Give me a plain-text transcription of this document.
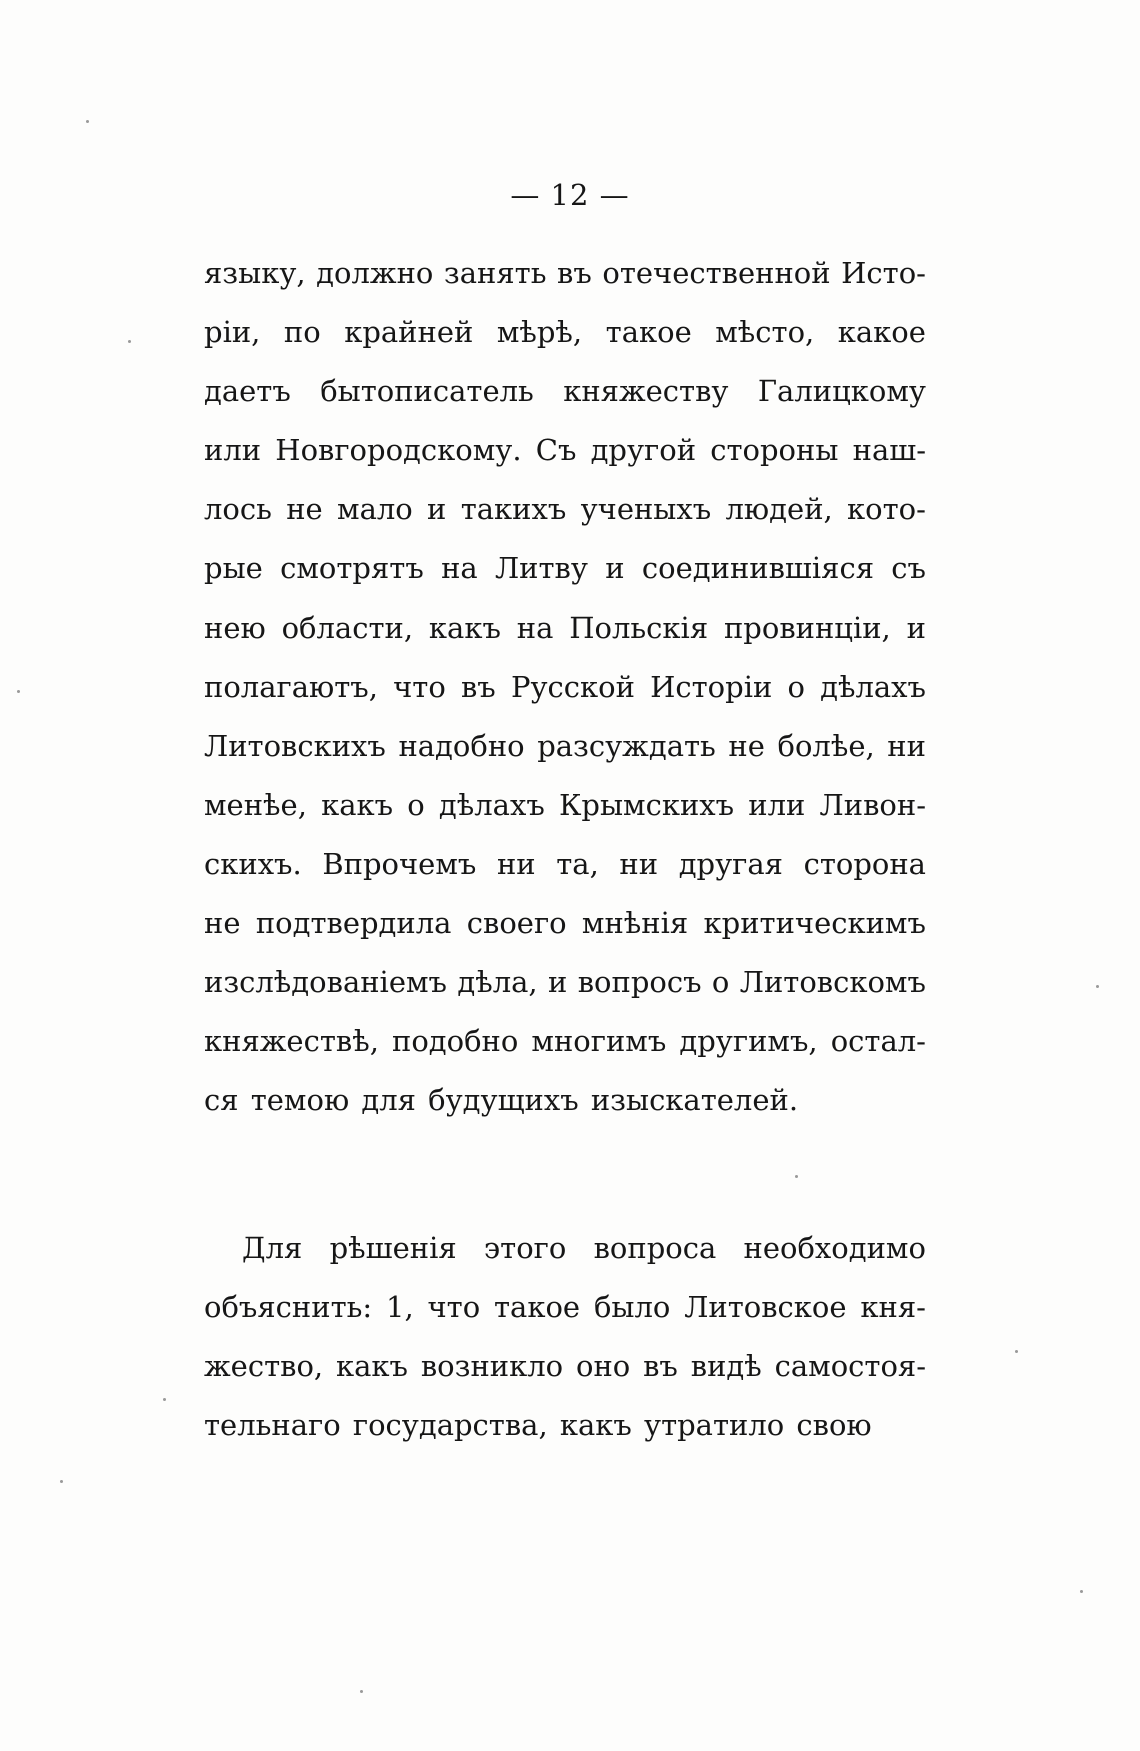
— 12 —
языку, должно занять въ отечественной Исто-
рiи, по крайней мѣрѣ, такое мѣсто, какое
даетъ бытописатель княжеству Галицкому
или Новгородскому. Съ другой стороны наш-
лось не мало и такихъ ученыхъ людей, кото-
рые смотрятъ на Литву и соединившiяся съ
нею области, какъ на Польскiя провинцiи, и
полагаютъ, что въ Русской Исторiи о дѣлахъ
Литовскихъ надобно разсуждать не болѣе, ни
менѣе, какъ о дѣлахъ Крымскихъ или Ливон-
скихъ. Впрочемъ ни та, ни другая сторона
не подтвердила своего мнѣнiя критическимъ
изслѣдованiемъ дѣла, и вопросъ о Литовскомъ
княжествѣ, подобно многимъ другимъ, остал-
ся темою для будущихъ изыскателей.
Для рѣшенiя этого вопроса необходимо
объяснить: 1, что такое было Литовское кня-
жество, какъ возникло оно въ видѣ самостоя-
тельнаго государства, какъ утратило свою
